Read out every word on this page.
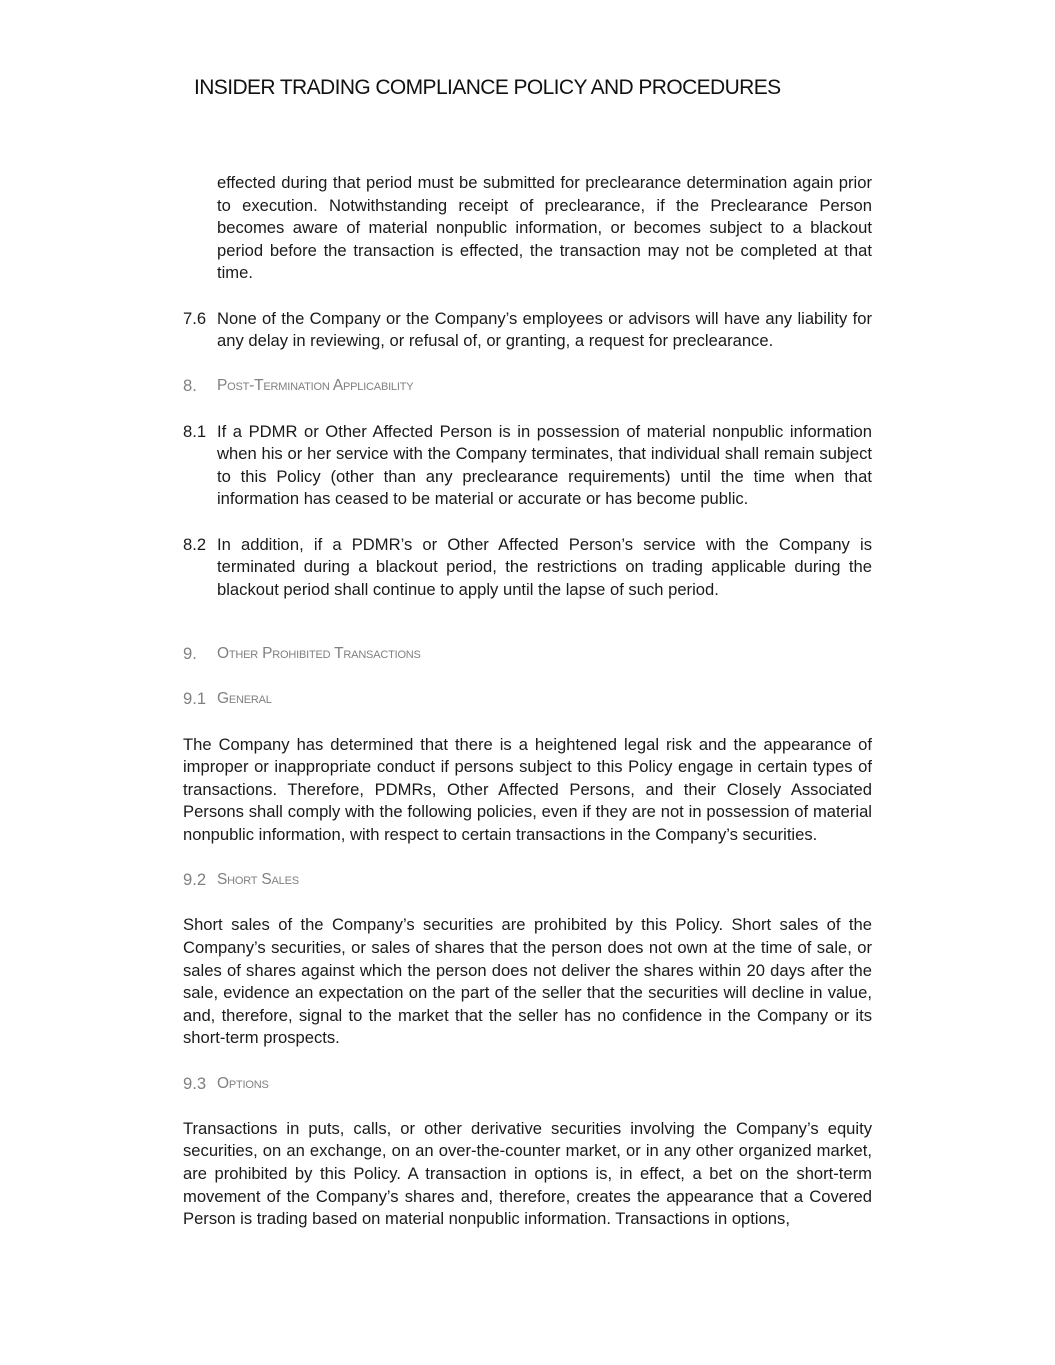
INSIDER TRADING COMPLIANCE POLICY AND PROCEDURES

effected during that period must be submitted for preclearance determination again prior to execution. Notwithstanding receipt of preclearance, if the Preclearance Person becomes aware of material nonpublic information, or becomes subject to a blackout period before the transaction is effected, the transaction may not be completed at that time.

7.6 None of the Company or the Company’s employees or advisors will have any liability for any delay in reviewing, or refusal of, or granting, a request for preclearance.
8. Post-Termination Applicability
8.1 If a PDMR or Other Affected Person is in possession of material nonpublic information when his or her service with the Company terminates, that individual shall remain subject to this Policy (other than any preclearance requirements) until the time when that information has ceased to be material or accurate or has become public.
8.2 In addition, if a PDMR’s or Other Affected Person’s service with the Company is terminated during a blackout period, the restrictions on trading applicable during the blackout period shall continue to apply until the lapse of such period.
9. Other Prohibited Transactions
9.1 General

The Company has determined that there is a heightened legal risk and the appearance of improper or inappropriate conduct if persons subject to this Policy engage in certain types of transactions. Therefore, PDMRs, Other Affected Persons, and their Closely Associated Persons shall comply with the following policies, even if they are not in possession of material nonpublic information, with respect to certain transactions in the Company’s securities.

9.2 Short Sales

Short sales of the Company’s securities are prohibited by this Policy. Short sales of the Company’s securities, or sales of shares that the person does not own at the time of sale, or sales of shares against which the person does not deliver the shares within 20 days after the sale, evidence an expectation on the part of the seller that the securities will decline in value, and, therefore, signal to the market that the seller has no confidence in the Company or its short-term prospects.

9.3 Options

Transactions in puts, calls, or other derivative securities involving the Company’s equity securities, on an exchange, on an over-the-counter market, or in any other organized market, are prohibited by this Policy. A transaction in options is, in effect, a bet on the short-term movement of the Company’s shares and, therefore, creates the appearance that a Covered Person is trading based on material nonpublic information. Transactions in options,
